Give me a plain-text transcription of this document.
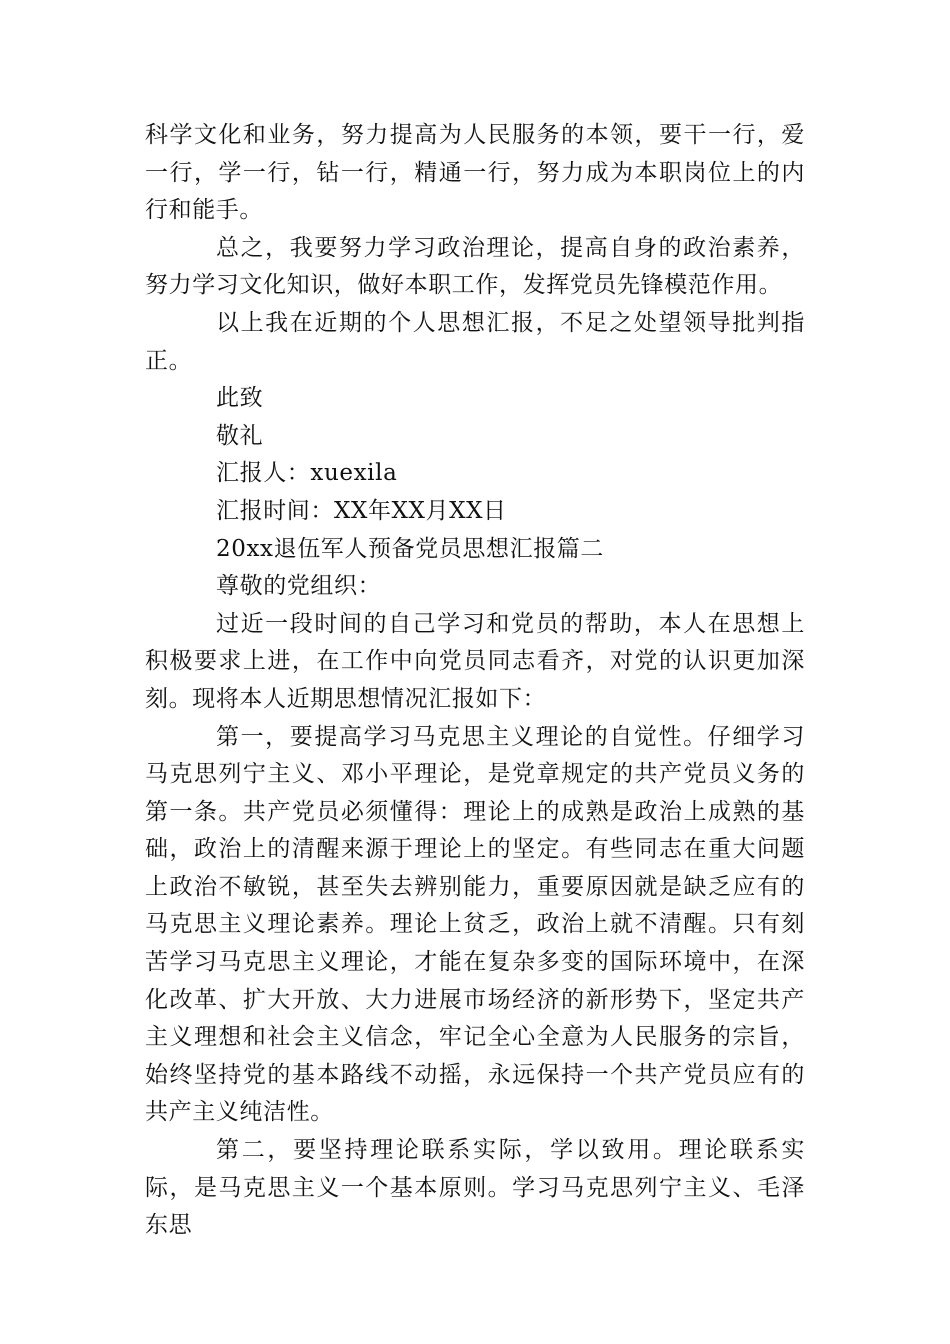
科学文化和业务，努力提高为人民服务的本领，要干一行，爱一行，学一行，钻一行，精通一行，努力成为本职岗位上的内行和能手。

总之，我要努力学习政治理论，提高自身的政治素养，努力学习文化知识，做好本职工作，发挥党员先锋模范作用。

以上我在近期的个人思想汇报，不足之处望领导批判指正。

此致

敬礼

汇报人：xuexila

汇报时间：XX年XX月XX日

20xx退伍军人预备党员思想汇报篇二

尊敬的党组织：

过近一段时间的自己学习和党员的帮助，本人在思想上积极要求上进，在工作中向党员同志看齐，对党的认识更加深刻。现将本人近期思想情况汇报如下：

第一，要提高学习马克思主义理论的自觉性。仔细学习马克思列宁主义、邓小平理论，是党章规定的共产党员义务的第一条。共产党员必须懂得：理论上的成熟是政治上成熟的基础，政治上的清醒来源于理论上的坚定。有些同志在重大问题上政治不敏锐，甚至失去辨别能力，重要原因就是缺乏应有的马克思主义理论素养。理论上贫乏，政治上就不清醒。只有刻苦学习马克思主义理论，才能在复杂多变的国际环境中，在深化改革、扩大开放、大力进展市场经济的新形势下，坚定共产主义理想和社会主义信念，牢记全心全意为人民服务的宗旨，始终坚持党的基本路线不动摇，永远保持一个共产党员应有的共产主义纯洁性。

第二，要坚持理论联系实际，学以致用。理论联系实际，是马克思主义一个基本原则。学习马克思列宁主义、毛泽东思
